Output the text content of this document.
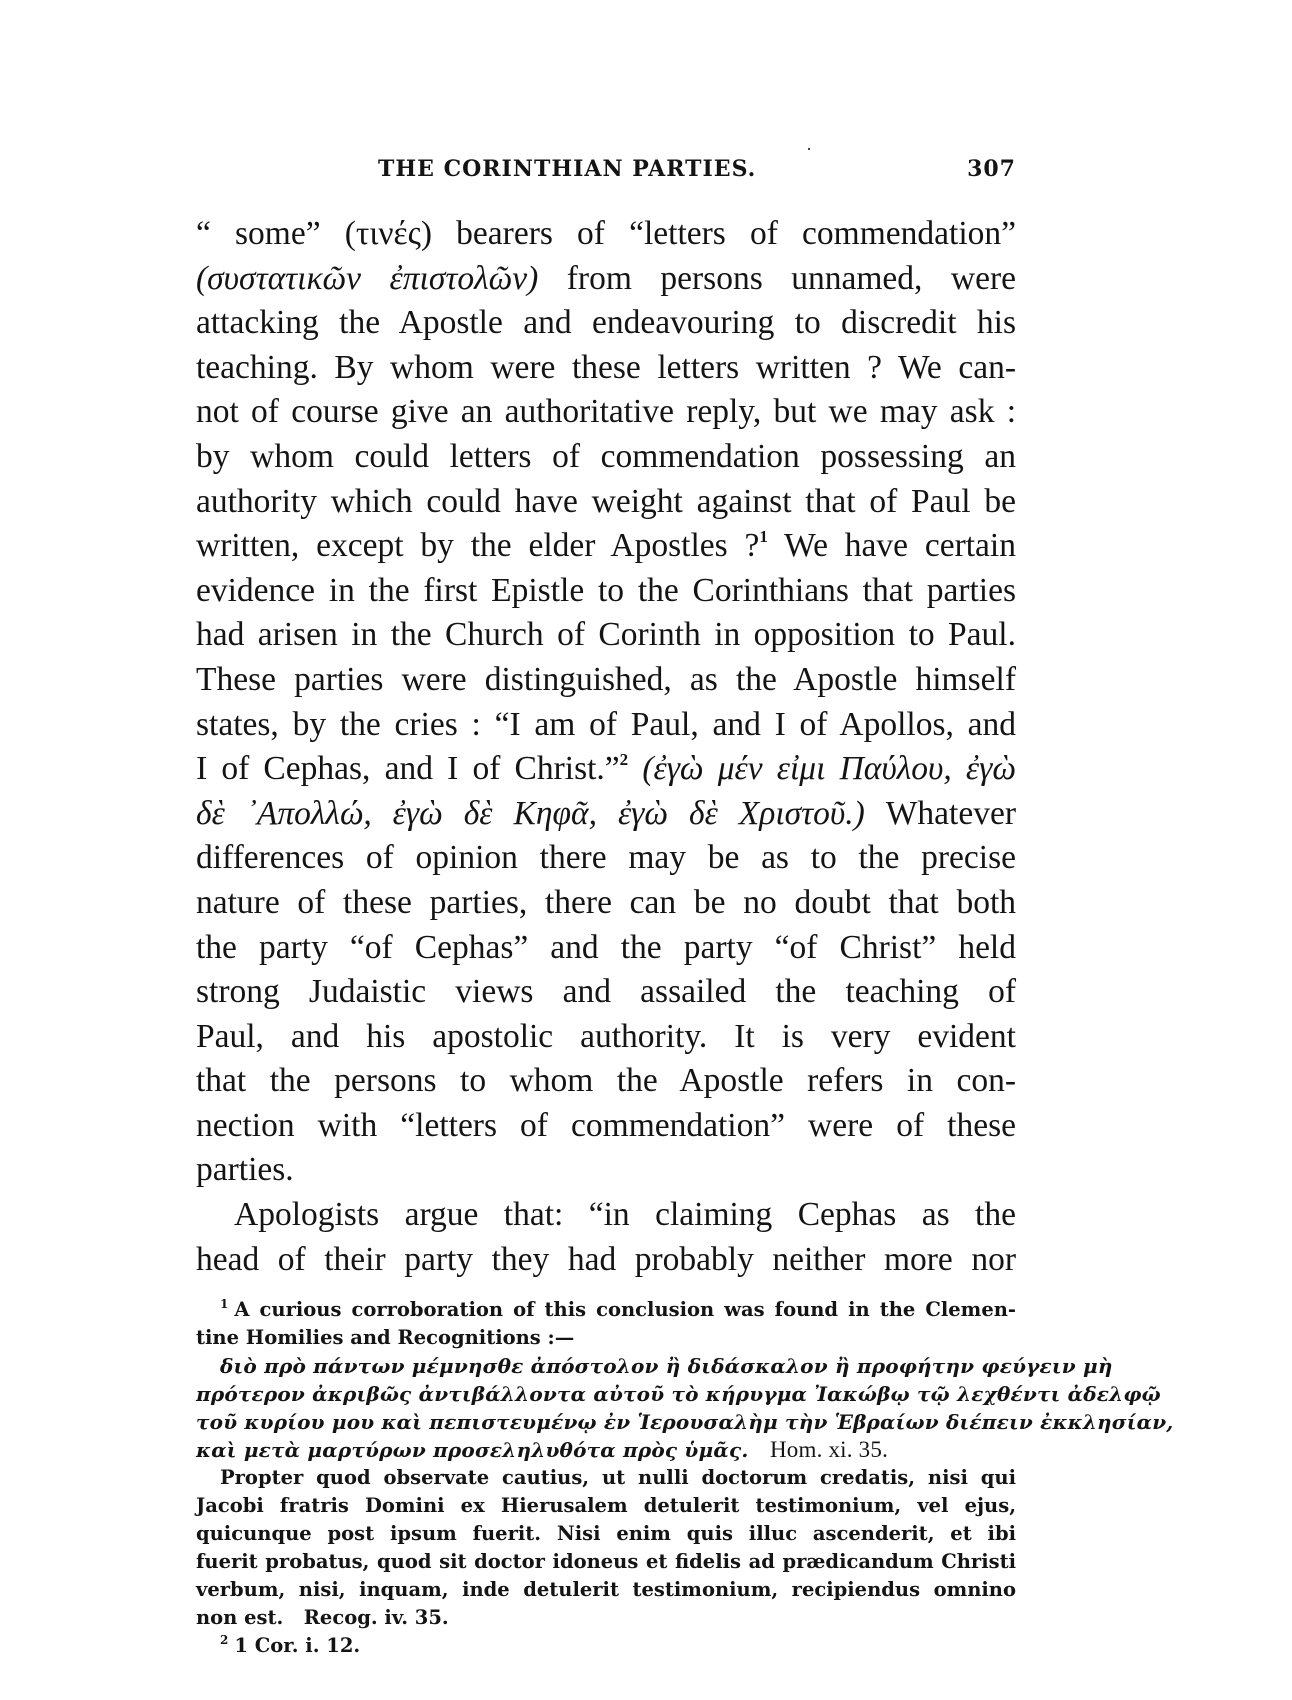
THE CORINTHIAN PARTIES.	307
“ some” (τινές) bearers of “letters of commendation”
(συστατικῶν ἐπιστολῶν) from persons unnamed, were
attacking the Apostle and endeavouring to discredit his
teaching. By whom were these letters written ? We can-
not of course give an authoritative reply, but we may ask :
by whom could letters of commendation possessing an
authority which could have weight against that of Paul be
written, except by the elder Apostles ?$^1$ We have certain
evidence in the first Epistle to the Corinthians that parties
had arisen in the Church of Corinth in opposition to Paul.
These parties were distinguished, as the Apostle himself
states, by the cries : “I am of Paul, and I of Apollos, and
I of Cephas, and I of Christ.”$^2$ (ἐγὼ μέν εἰμι Παύλου, ἐγὼ
δὲ ᾽Απολλώ, ἐγὼ δὲ Κηφᾶ, ἐγὼ δὲ Χριστοῦ.) Whatever
differences of opinion there may be as to the precise
nature of these parties, there can be no doubt that both
the party “of Cephas” and the party “of Christ” held
strong Judaistic views and assailed the teaching of
Paul, and his apostolic authority. It is very evident
that the persons to whom the Apostle refers in con-
nection with “letters of commendation” were of these
parties.
Apologists argue that: “in claiming Cephas as the
head of their party they had probably neither more nor
$^1$ A curious corroboration of this conclusion was found in the Clemen-
tine Homilies and Recognitions :—
διὸ πρὸ πάντων μέμνησθε ἀπόστολον ἢ διδάσκαλον ἢ προφήτην φεύγειν μὴ
πρότερον ἀκριβῶς ἀντιβάλλοντα αὐτοῦ τὸ κήρυγμα Ἰακώβῳ τῷ λεχθέντι ἀδελφῷ
τοῦ κυρίου μου καὶ πεπιστευμένῳ ἐν Ἱερουσαλὴμ τὴν Ἑβραίων διέπειν ἐκκλησίαν,
καὶ μετὰ μαρτύρων προσεληλυθότα πρὸς ὑμᾶς. Hom. xi. 35.
Propter quod observate cautius, ut nulli doctorum credatis, nisi qui
Jacobi fratris Domini ex Hierusalem detulerit testimonium, vel ejus,
quicunque post ipsum fuerit. Nisi enim quis illuc ascenderit, et ibi
fuerit probatus, quod sit doctor idoneus et fidelis ad prædicandum Christi
verbum, nisi, inquam, inde detulerit testimonium, recipiendus omnino
non est. Recog. iv. 35.
$^2$ 1 Cor. i. 12.
